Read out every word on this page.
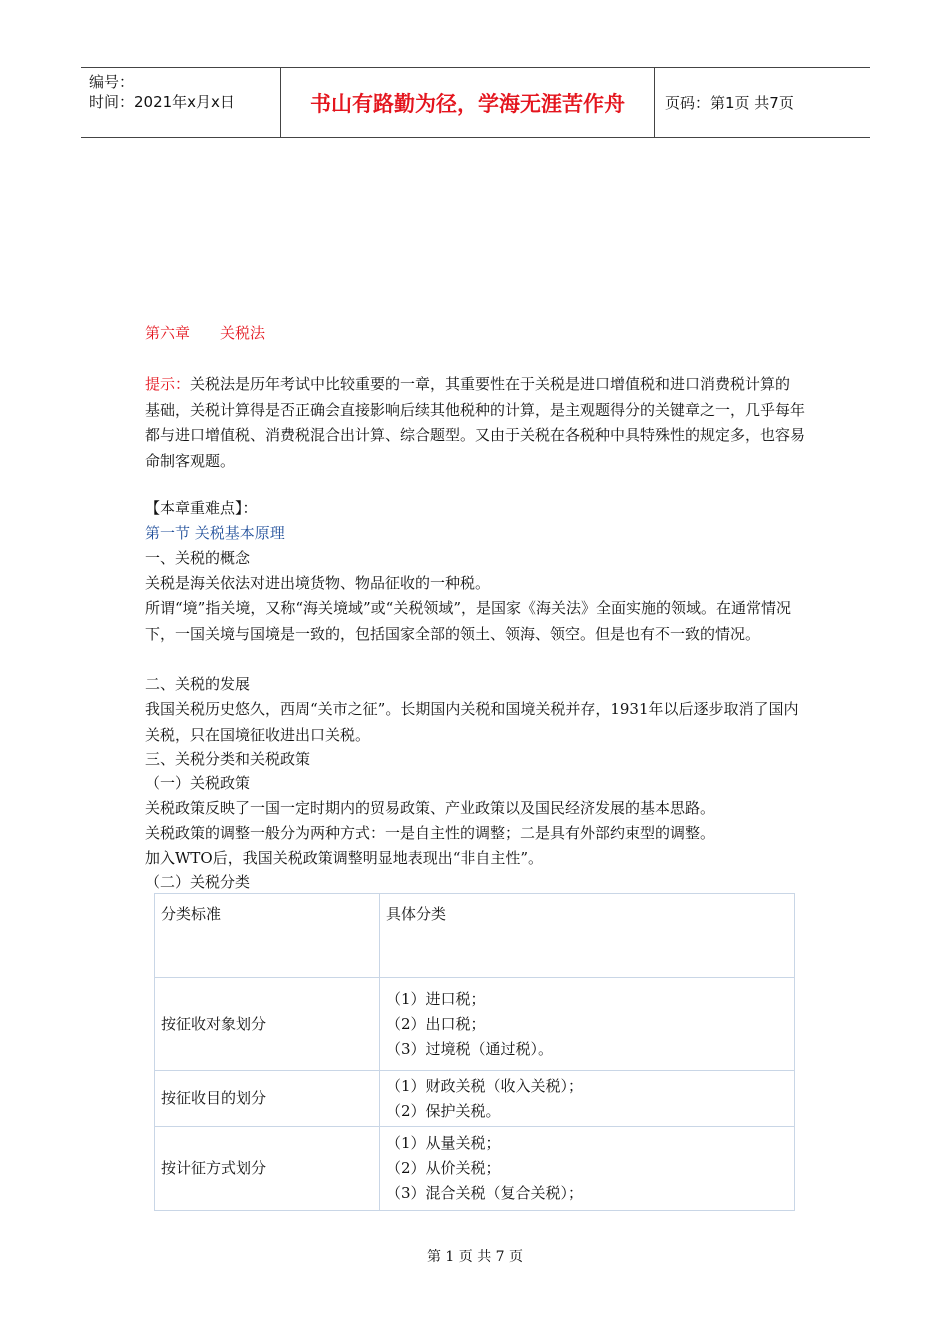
编号：
时间：2021年x月x日	书山有路勤为径，学海无涯苦作舟	页码：第1页 共7页

第六章　　关税法

提示：关税法是历年考试中比较重要的一章，其重要性在于关税是进口增值税和进口消费税计算的基础，关税计算得是否正确会直接影响后续其他税种的计算，是主观题得分的关键章之一，几乎每年都与进口增值税、消费税混合出计算、综合题型。又由于关税在各税种中具特殊性的规定多，也容易命制客观题。

【本章重难点】：

第一节 关税基本原理

一、关税的概念

关税是海关依法对进出境货物、物品征收的一种税。

所谓“境”指关境，又称“海关境域”或“关税领域”，是国家《海关法》全面实施的领域。在通常情况下，一国关境与国境是一致的，包括国家全部的领土、领海、领空。但是也有不一致的情况。

二、关税的发展

我国关税历史悠久，西周“关市之征”。长期国内关税和国境关税并存，1931年以后逐步取消了国内关税，只在国境征收进出口关税。

三、关税分类和关税政策

（一）关税政策

关税政策反映了一国一定时期内的贸易政策、产业政策以及国民经济发展的基本思路。

关税政策的调整一般分为两种方式：一是自主性的调整；二是具有外部约束型的调整。

加入WTO后，我国关税政策调整明显地表现出“非自主性”。

（二）关税分类

分类标准	具体分类
按征收对象划分	（1）进口税；
（2）出口税；
（3）过境税（通过税）。

按征收目的划分	（1）财政关税（收入关税）；
（2）保护关税。

按计征方式划分	（1）从量关税；
（2）从价关税；
（3）混合关税（复合关税）；
第 1 页 共 7 页
